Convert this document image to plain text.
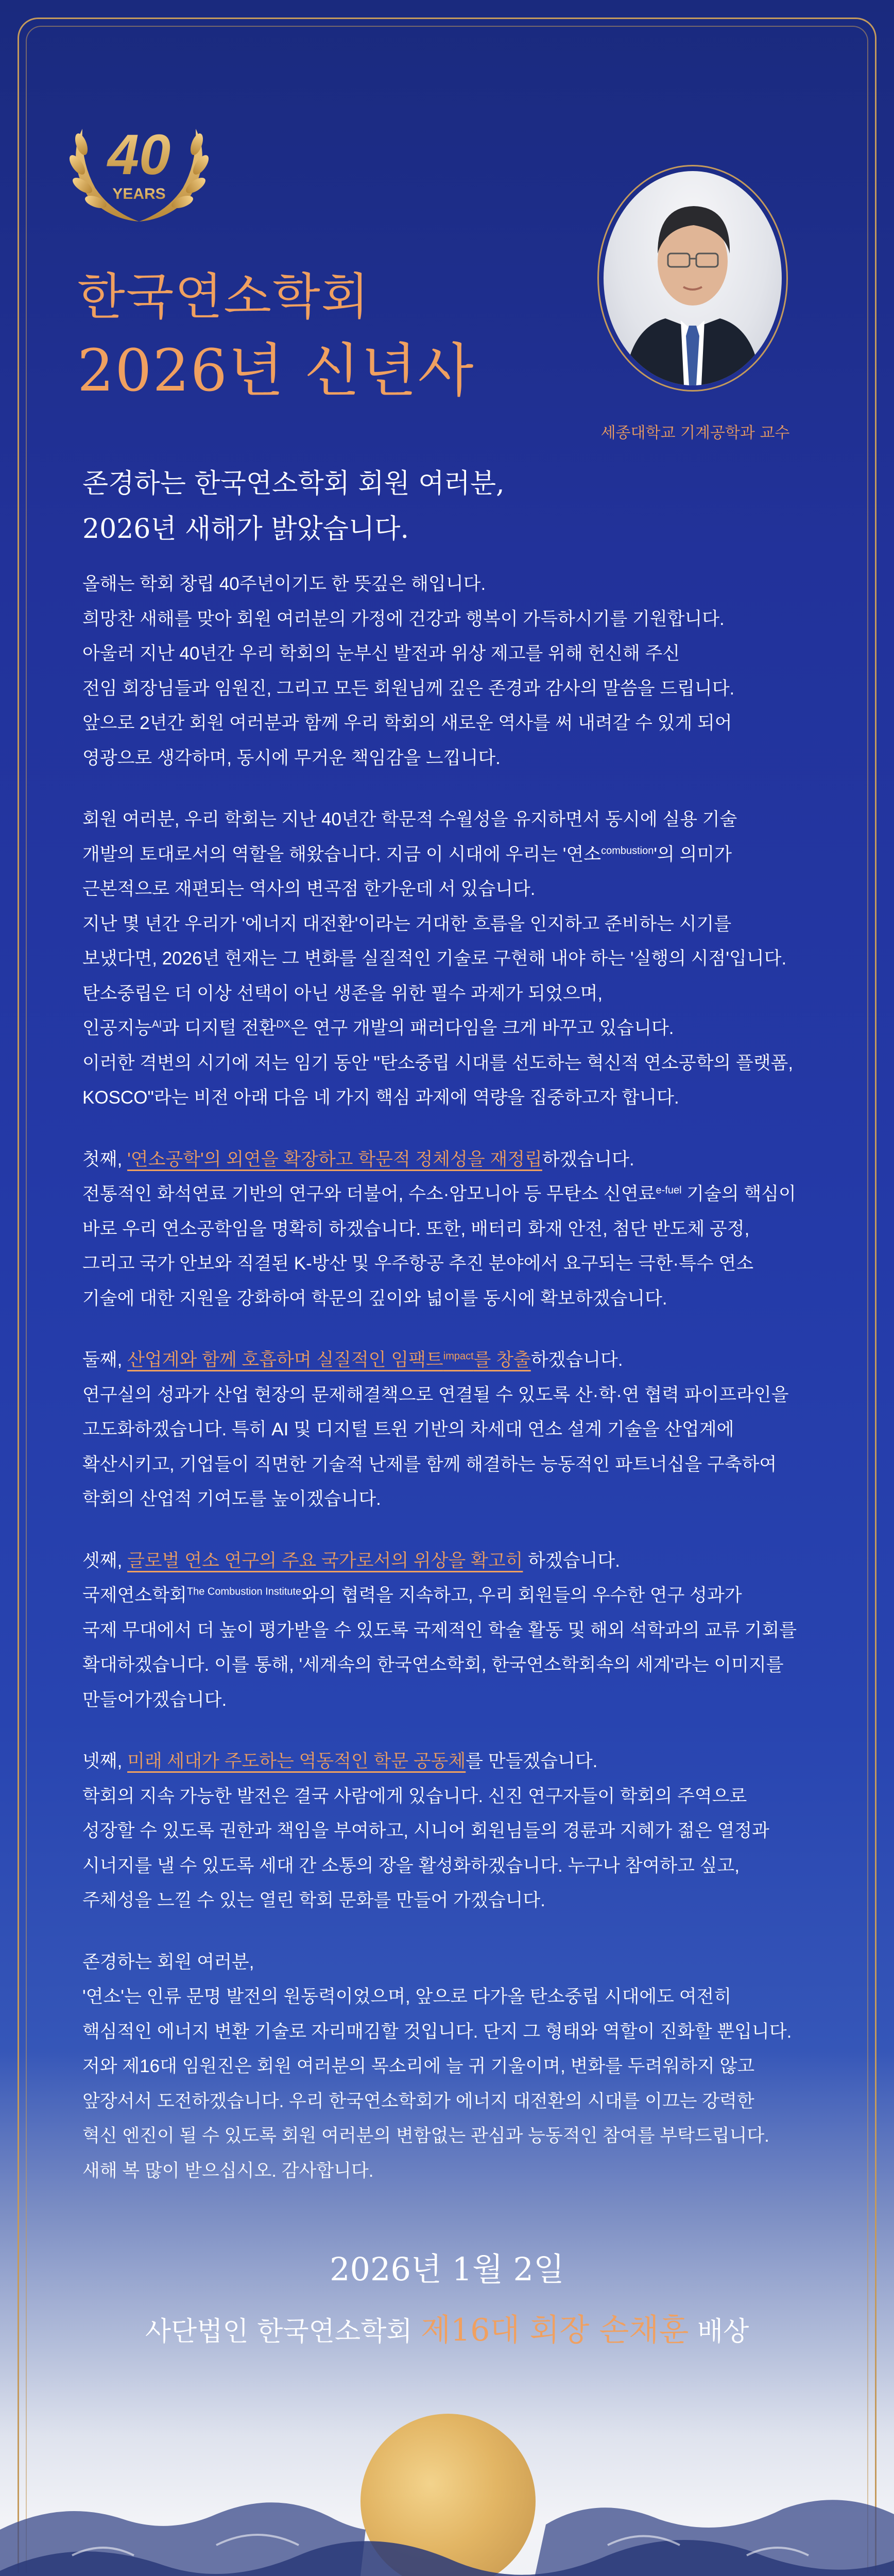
40
YEARS
한국연소학회
2026년 신년사
세종대학교 기계공학과 교수
존경하는 한국연소학회 회원 여러분,
2026년 새해가 밝았습니다.
올해는 학회 창립 40주년이기도 한 뜻깊은 해입니다.
희망찬 새해를 맞아 회원 여러분의 가정에 건강과 행복이 가득하시기를 기원합니다.
아울러 지난 40년간 우리 학회의 눈부신 발전과 위상 제고를 위해 헌신해 주신
전임 회장님들과 임원진, 그리고 모든 회원님께 깊은 존경과 감사의 말씀을 드립니다.
앞으로 2년간 회원 여러분과 함께 우리 학회의 새로운 역사를 써 내려갈 수 있게 되어
영광으로 생각하며, 동시에 무거운 책임감을 느낍니다.
회원 여러분, 우리 학회는 지난 40년간 학문적 수월성을 유지하면서 동시에 실용 기술
개발의 토대로서의 역할을 해왔습니다. 지금 이 시대에 우리는 '연소$^{combustion}$'의 의미가
근본적으로 재편되는 역사의 변곡점 한가운데 서 있습니다.
지난 몇 년간 우리가 '에너지 대전환'이라는 거대한 흐름을 인지하고 준비하는 시기를
보냈다면, 2026년 현재는 그 변화를 실질적인 기술로 구현해 내야 하는 '실행의 시점'입니다.
탄소중립은 더 이상 선택이 아닌 생존을 위한 필수 과제가 되었으며,
인공지능$^{AI}$과 디지털 전환$^{DX}$은 연구 개발의 패러다임을 크게 바꾸고 있습니다.
이러한 격변의 시기에 저는 임기 동안 "탄소중립 시대를 선도하는 혁신적 연소공학의 플랫폼,
KOSCO"라는 비전 아래 다음 네 가지 핵심 과제에 역량을 집중하고자 합니다.
첫째, '연소공학'의 외연을 확장하고 학문적 정체성을 재정립하겠습니다.
전통적인 화석연료 기반의 연구와 더불어, 수소·암모니아 등 무탄소 신연료$^{e-fuel}$ 기술의 핵심이
바로 우리 연소공학임을 명확히 하겠습니다. 또한, 배터리 화재 안전, 첨단 반도체 공정,
그리고 국가 안보와 직결된 K-방산 및 우주항공 추진 분야에서 요구되는 극한·특수 연소
기술에 대한 지원을 강화하여 학문의 깊이와 넓이를 동시에 확보하겠습니다.
둘째, 산업계와 함께 호흡하며 실질적인 임팩트$^{impact}$를 창출하겠습니다.
연구실의 성과가 산업 현장의 문제해결책으로 연결될 수 있도록 산·학·연 협력 파이프라인을
고도화하겠습니다. 특히 AI 및 디지털 트윈 기반의 차세대 연소 설계 기술을 산업계에
확산시키고, 기업들이 직면한 기술적 난제를 함께 해결하는 능동적인 파트너십을 구축하여
학회의 산업적 기여도를 높이겠습니다.
셋째, 글로벌 연소 연구의 주요 국가로서의 위상을 확고히 하겠습니다.
국제연소학회$^{The Combustion Institute}$와의 협력을 지속하고, 우리 회원들의 우수한 연구 성과가
국제 무대에서 더 높이 평가받을 수 있도록 국제적인 학술 활동 및 해외 석학과의 교류 기회를
확대하겠습니다. 이를 통해, '세계속의 한국연소학회, 한국연소학회속의 세계'라는 이미지를
만들어가겠습니다.
넷째, 미래 세대가 주도하는 역동적인 학문 공동체를 만들겠습니다.
학회의 지속 가능한 발전은 결국 사람에게 있습니다. 신진 연구자들이 학회의 주역으로
성장할 수 있도록 권한과 책임을 부여하고, 시니어 회원님들의 경륜과 지혜가 젊은 열정과
시너지를 낼 수 있도록 세대 간 소통의 장을 활성화하겠습니다. 누구나 참여하고 싶고,
주체성을 느낄 수 있는 열린 학회 문화를 만들어 가겠습니다.
존경하는 회원 여러분,
'연소'는 인류 문명 발전의 원동력이었으며, 앞으로 다가올 탄소중립 시대에도 여전히
핵심적인 에너지 변환 기술로 자리매김할 것입니다. 단지 그 형태와 역할이 진화할 뿐입니다.
저와 제16대 임원진은 회원 여러분의 목소리에 늘 귀 기울이며, 변화를 두려워하지 않고
앞장서서 도전하겠습니다. 우리 한국연소학회가 에너지 대전환의 시대를 이끄는 강력한
혁신 엔진이 될 수 있도록 회원 여러분의 변함없는 관심과 능동적인 참여를 부탁드립니다.
새해 복 많이 받으십시오. 감사합니다.
2026년 1월 2일
사단법인 한국연소학회 제16대 회장 손채훈 배상
